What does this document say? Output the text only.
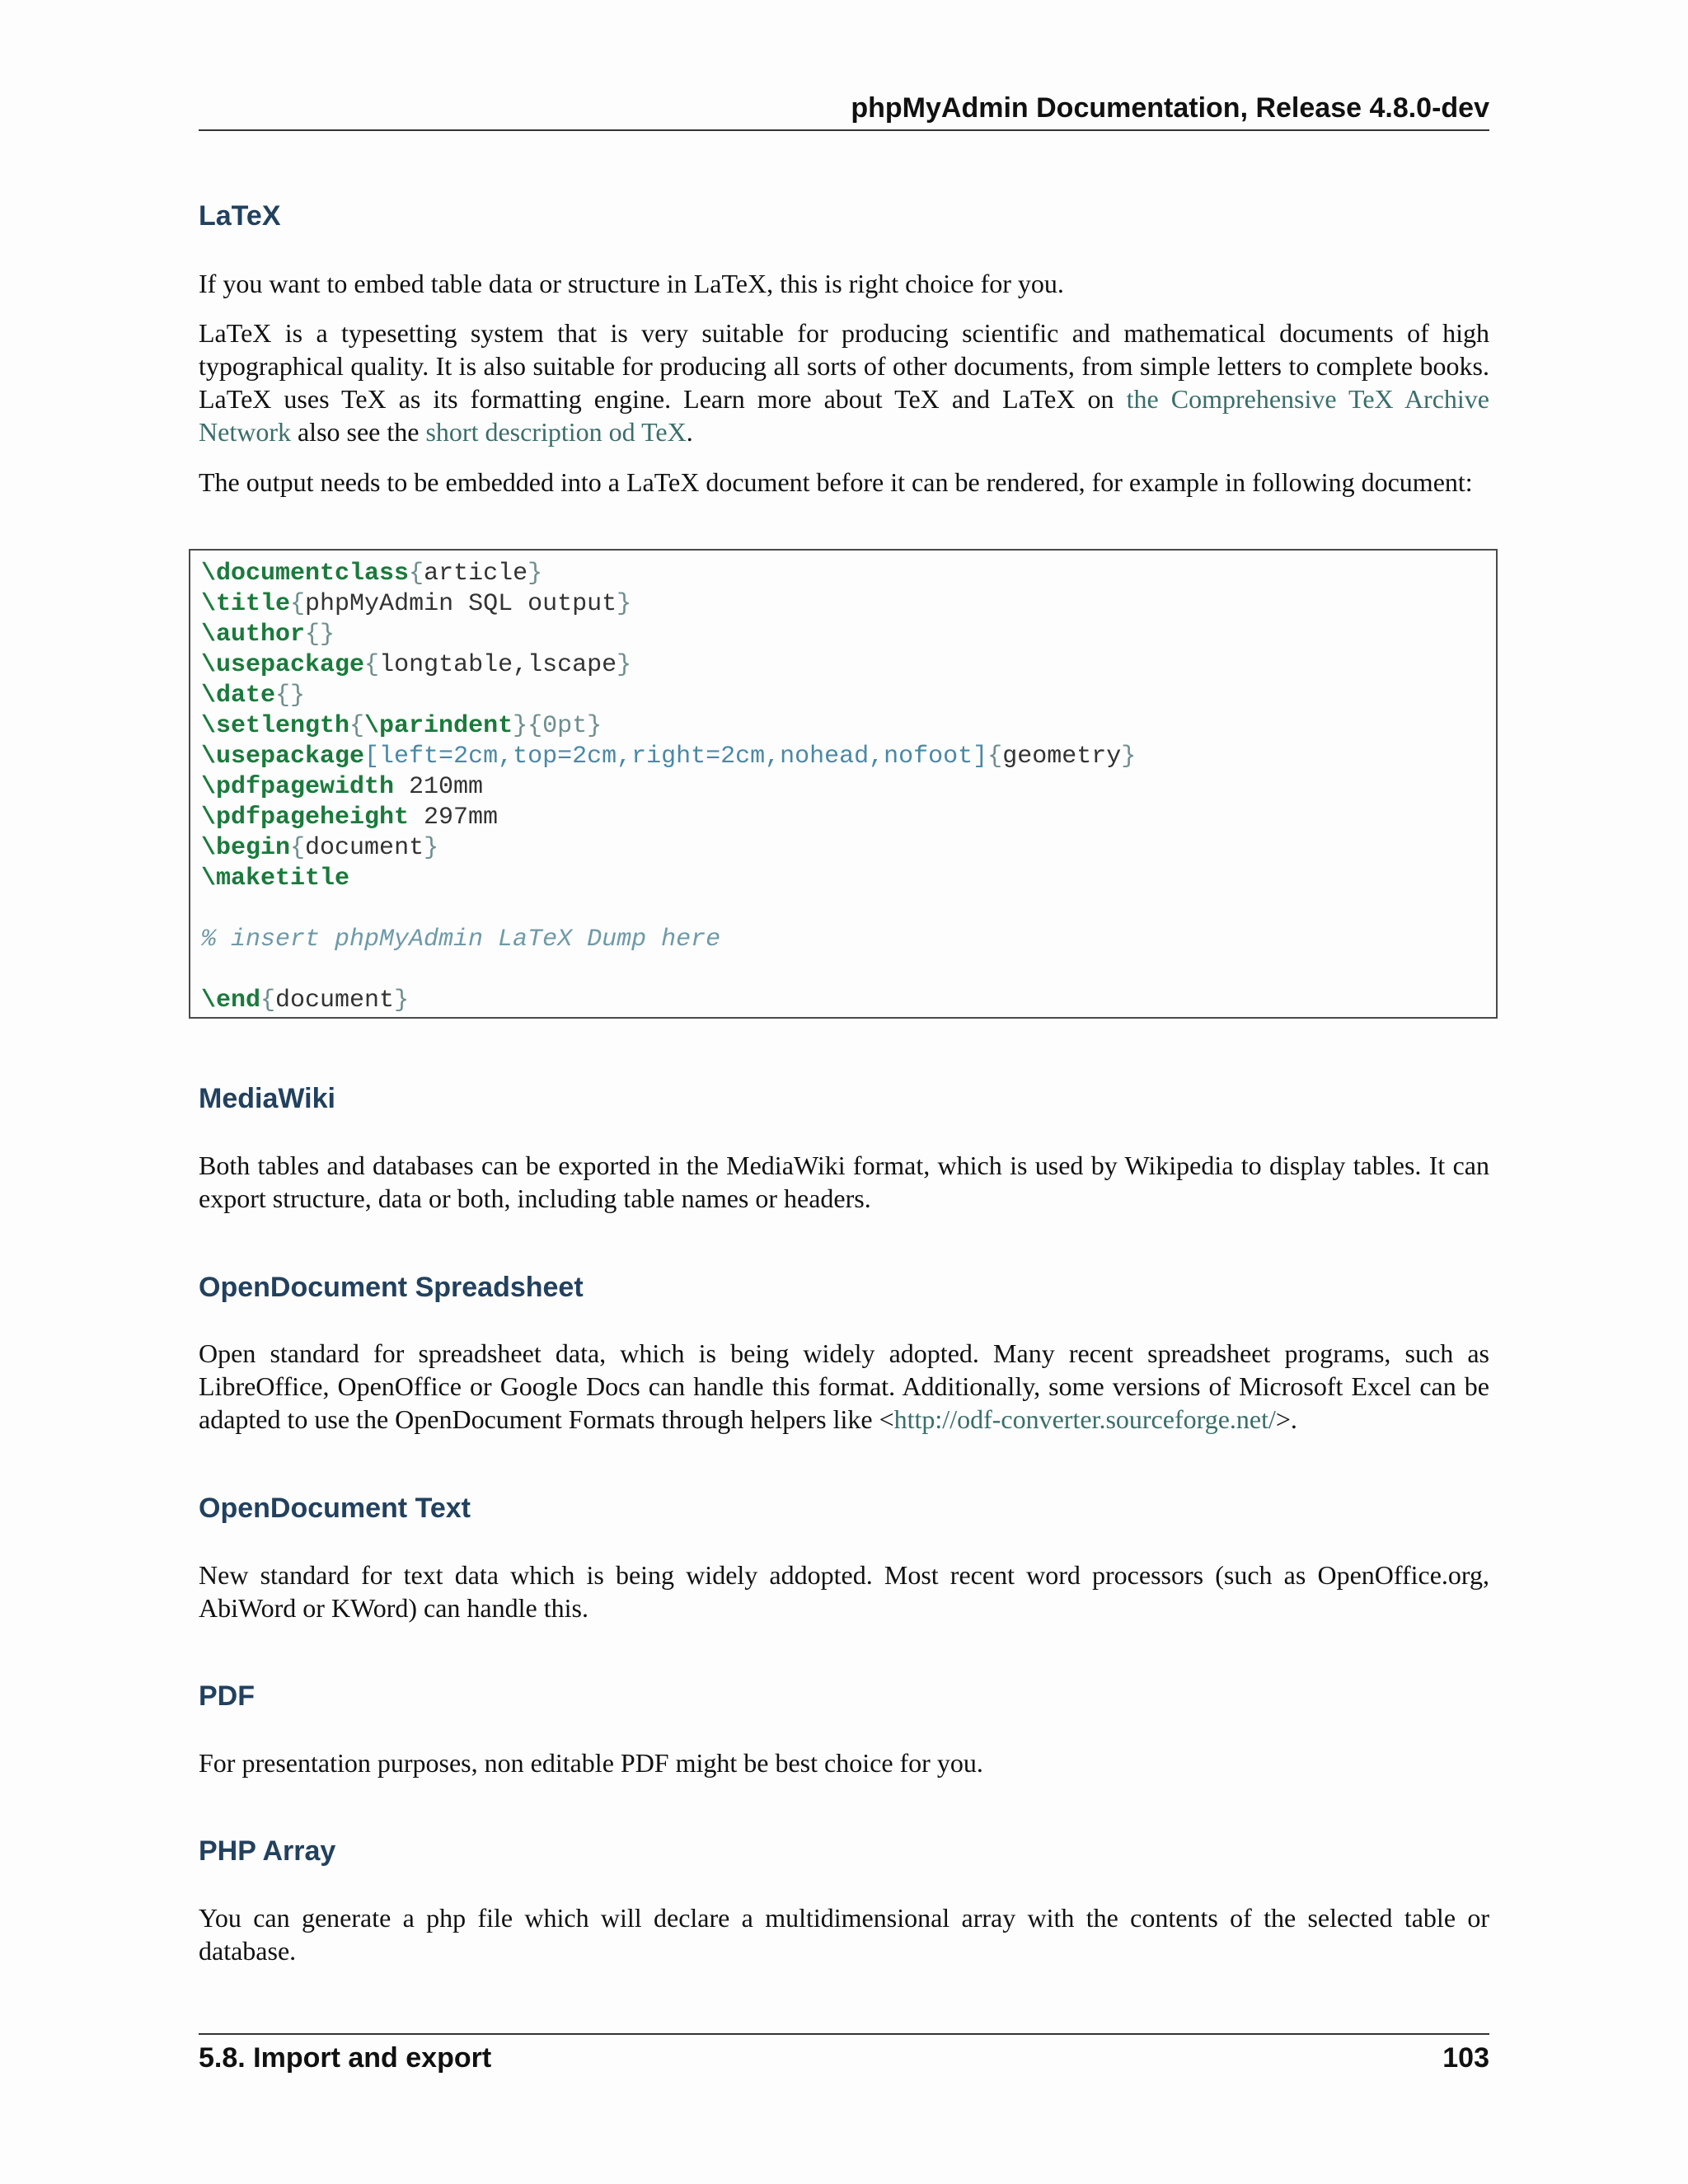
phpMyAdmin Documentation, Release 4.8.0-dev
LaTeX

If you want to embed table data or structure in LaTeX, this is right choice for you.

LaTeX is a typesetting system that is very suitable for producing scientific and mathematical documents of high typographical quality. It is also suitable for producing all sorts of other documents, from simple letters to complete books. LaTeX uses TeX as its formatting engine. Learn more about TeX and LaTeX on the Comprehensive TeX Archive Network also see the short description od TeX.

The output needs to be embedded into a LaTeX document before it can be rendered, for example in following document:

\documentclass{article}
\title{phpMyAdmin SQL output}
\author{}
\usepackage{longtable,lscape}
\date{}
\setlength{\parindent}{0pt}
\usepackage[left=2cm,top=2cm,right=2cm,nohead,nofoot]{geometry}
\pdfpagewidth 210mm
\pdfpageheight 297mm
\begin{document}
\maketitle
% insert phpMyAdmin LaTeX Dump here
\end{document}
MediaWiki

Both tables and databases can be exported in the MediaWiki format, which is used by Wikipedia to display tables. It can export structure, data or both, including table names or headers.

OpenDocument Spreadsheet

Open standard for spreadsheet data, which is being widely adopted. Many recent spreadsheet programs, such as LibreOffice, OpenOffice or Google Docs can handle this format. Additionally, some versions of Microsoft Excel can be adapted to use the OpenDocument Formats through helpers like <http://odf-converter.sourceforge.net/>.

OpenDocument Text

New standard for text data which is being widely addopted. Most recent word processors (such as OpenOffice.org, AbiWord or KWord) can handle this.

PDF

For presentation purposes, non editable PDF might be best choice for you.

PHP Array

You can generate a php file which will declare a multidimensional array with the contents of the selected table or database.

5.8. Import and export	103
